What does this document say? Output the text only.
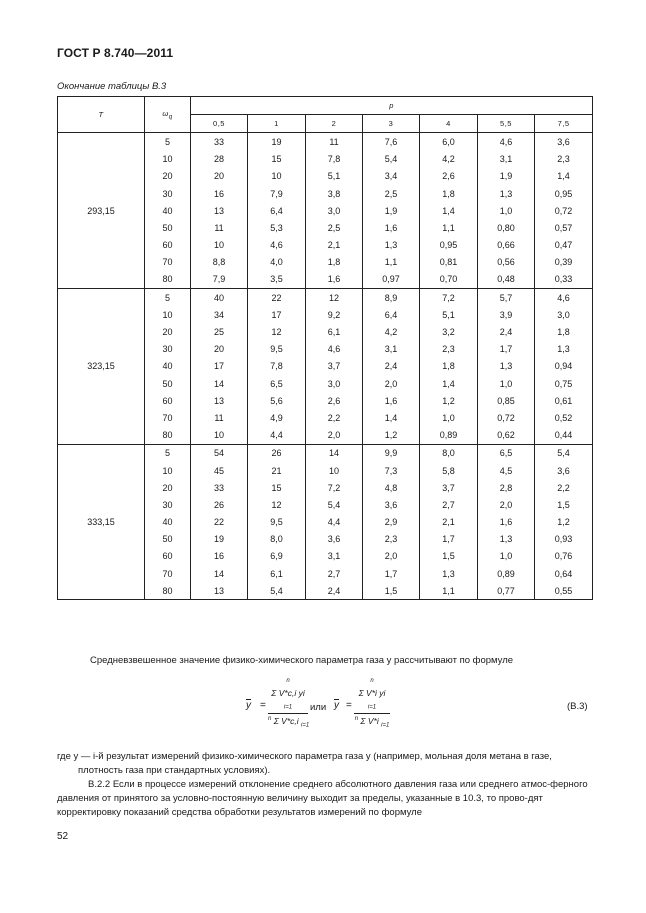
ГОСТ Р 8.740—2011
Окончание таблицы В.3
T	$\omega_q$	p						
		0,5	1	2	3	4	5,5	7,5
293,15	5	33	19	11	7,6	6,0	4,6	3,6
	10	28	15	7,8	5,4	4,2	3,1	2,3
	20	20	10	5,1	3,4	2,6	1,9	1,4
	30	16	7,9	3,8	2,5	1,8	1,3	0,95
	40	13	6,4	3,0	1,9	1,4	1,0	0,72
	50	11	5,3	2,5	1,6	1,1	0,80	0,57
	60	10	4,6	2,1	1,3	0,95	0,66	0,47
	70	8,8	4,0	1,8	1,1	0,81	0,56	0,39
	80	7,9	3,5	1,6	0,97	0,70	0,48	0,33
323,15	5	40	22	12	8,9	7,2	5,7	4,6
	10	34	17	9,2	6,4	5,1	3,9	3,0
	20	25	12	6,1	4,2	3,2	2,4	1,8
	30	20	9,5	4,6	3,1	2,3	1,7	1,3
	40	17	7,8	3,7	2,4	1,8	1,3	0,94
	50	14	6,5	3,0	2,0	1,4	1,0	0,75
	60	13	5,6	2,6	1,6	1,2	0,85	0,61
	70	11	4,9	2,2	1,4	1,0	0,72	0,52
	80	10	4,4	2,0	1,2	0,89	0,62	0,44
333,15	5	54	26	14	9,9	8,0	6,5	5,4
	10	45	21	10	7,3	5,8	4,5	3,6
	20	33	15	7,2	4,8	3,7	2,8	2,2
	30	26	12	5,4	3,6	2,7	2,0	1,5
	40	22	9,5	4,4	2,9	2,1	1,6	1,2
	50	19	8,0	3,6	2,3	1,7	1,3	0,93
	60	16	6,9	3,1	2,0	1,5	1,0	0,76
	70	14	6,1	2,7	1,7	1,3	0,89	0,64
	80	13	5,4	2,4	1,5	1,1	0,77	0,55
Средневзвешенное значение физико-химического параметра газа у рассчитывают по формуле
$\overline{y}$ =
$^n$
Σ V*c,i yi
$_{i=1}$
$^n$ Σ V*c,i $_{i=1}$
или $\overline{y}$ =
$^n$
Σ V*i yi
$_{i=1}$
$^n$ Σ V*i $_{i=1}$
(В.3)
где y — i-й результат измерений физико-химического параметра газа у (например, мольная доля метана в газе,
плотность газа при стандартных условиях).
В.2.2 Если в процессе измерений отклонение среднего абсолютного давления газа или среднего атмос-ферного давления от принятого за условно-постоянную величину выходит за пределы, указанные в 10.3, то прово-дят корректировку показаний средства обработки результатов измерений по формуле
52
